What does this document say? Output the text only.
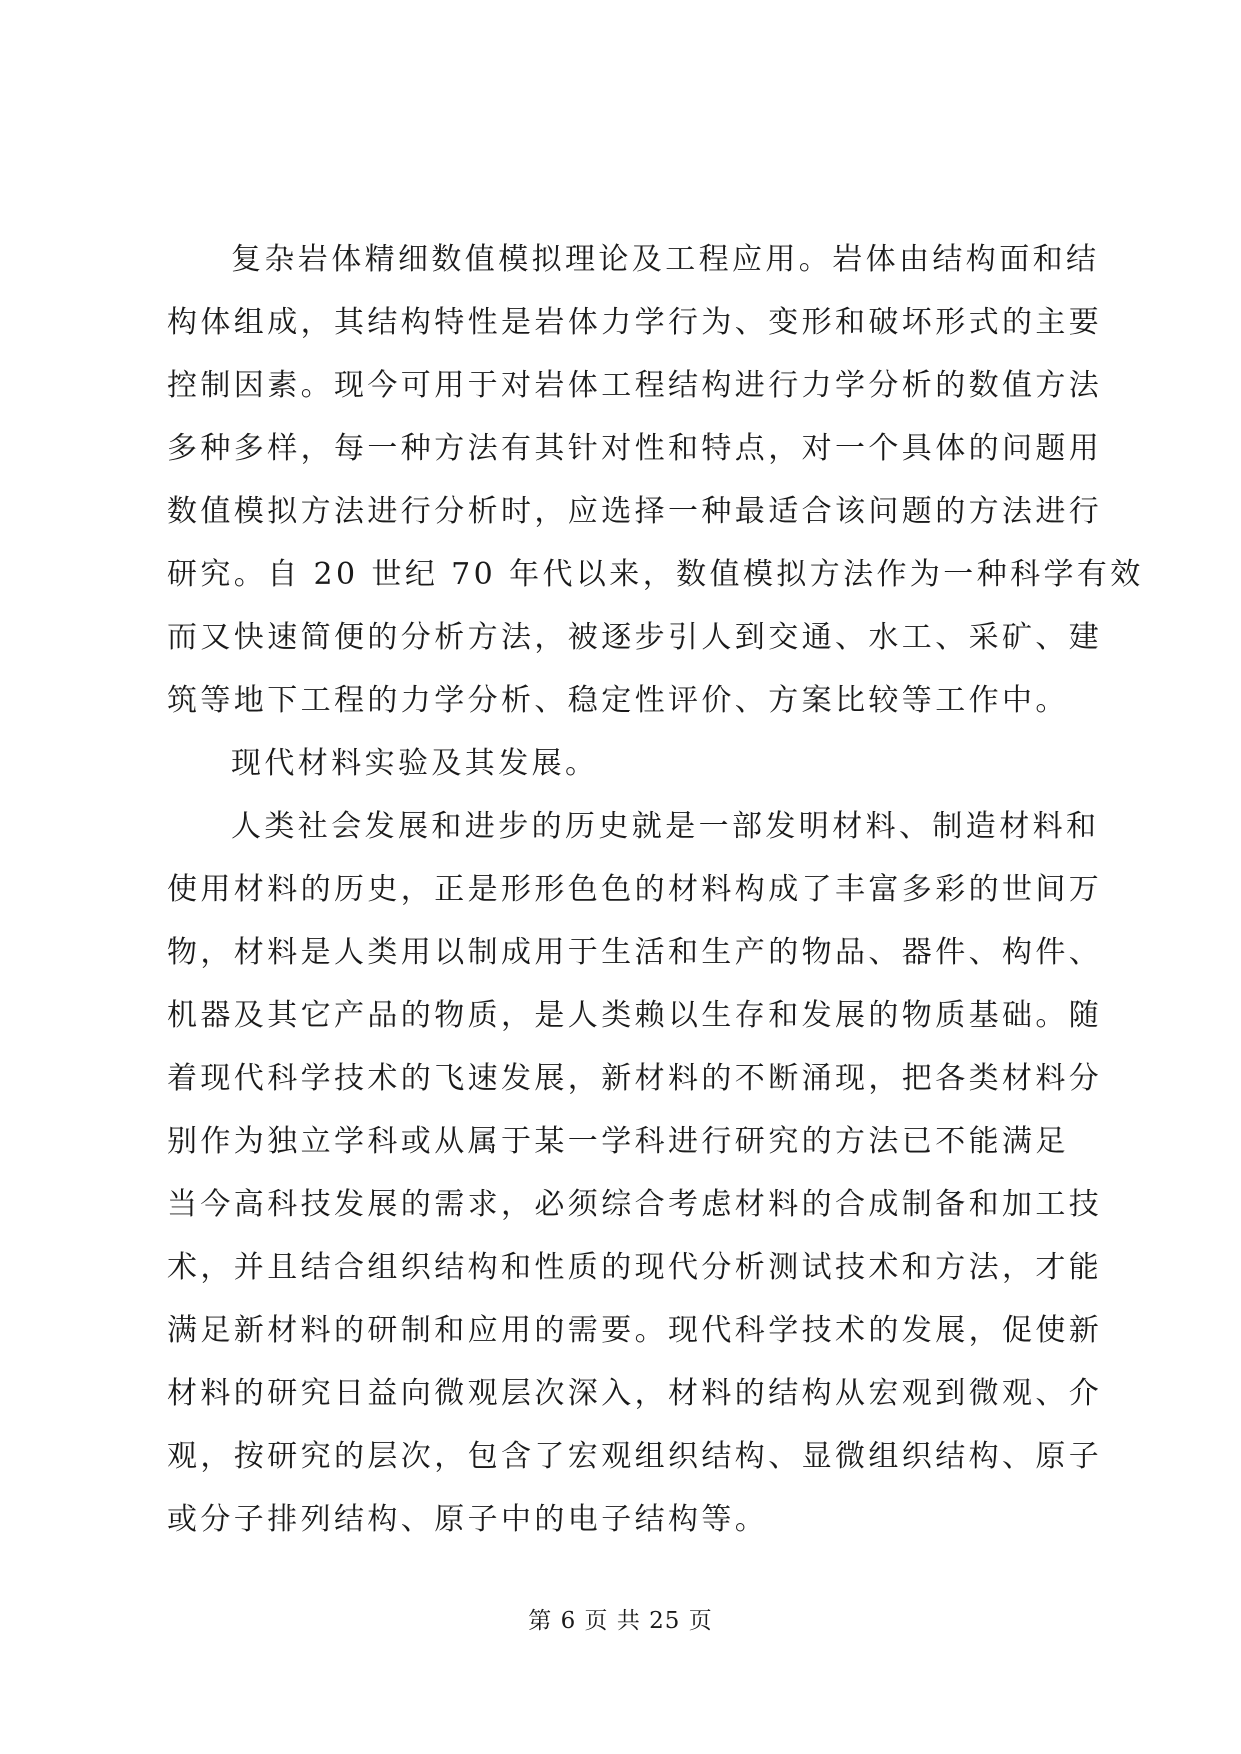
复杂岩体精细数值模拟理论及工程应用。岩体由结构面和结
构体组成，其结构特性是岩体力学行为、变形和破坏形式的主要
控制因素。现今可用于对岩体工程结构进行力学分析的数值方法
多种多样，每一种方法有其针对性和特点，对一个具体的问题用
数值模拟方法进行分析时，应选择一种最适合该问题的方法进行
研究。自 20 世纪 70 年代以来，数值模拟方法作为一种科学有效
而又快速简便的分析方法，被逐步引人到交通、水工、采矿、建
筑等地下工程的力学分析、稳定性评价、方案比较等工作中。
现代材料实验及其发展。
人类社会发展和进步的历史就是一部发明材料、制造材料和
使用材料的历史，正是形形色色的材料构成了丰富多彩的世间万
物，材料是人类用以制成用于生活和生产的物品、器件、构件、
机器及其它产品的物质，是人类赖以生存和发展的物质基础。随
着现代科学技术的飞速发展，新材料的不断涌现，把各类材料分
别作为独立学科或从属于某一学科进行研究的方法已不能满足
当今高科技发展的需求，必须综合考虑材料的合成制备和加工技
术，并且结合组织结构和性质的现代分析测试技术和方法，才能
满足新材料的研制和应用的需要。现代科学技术的发展，促使新
材料的研究日益向微观层次深入，材料的结构从宏观到微观、介
观，按研究的层次，包含了宏观组织结构、显微组织结构、原子
或分子排列结构、原子中的电子结构等。
第 6 页 共 25 页
